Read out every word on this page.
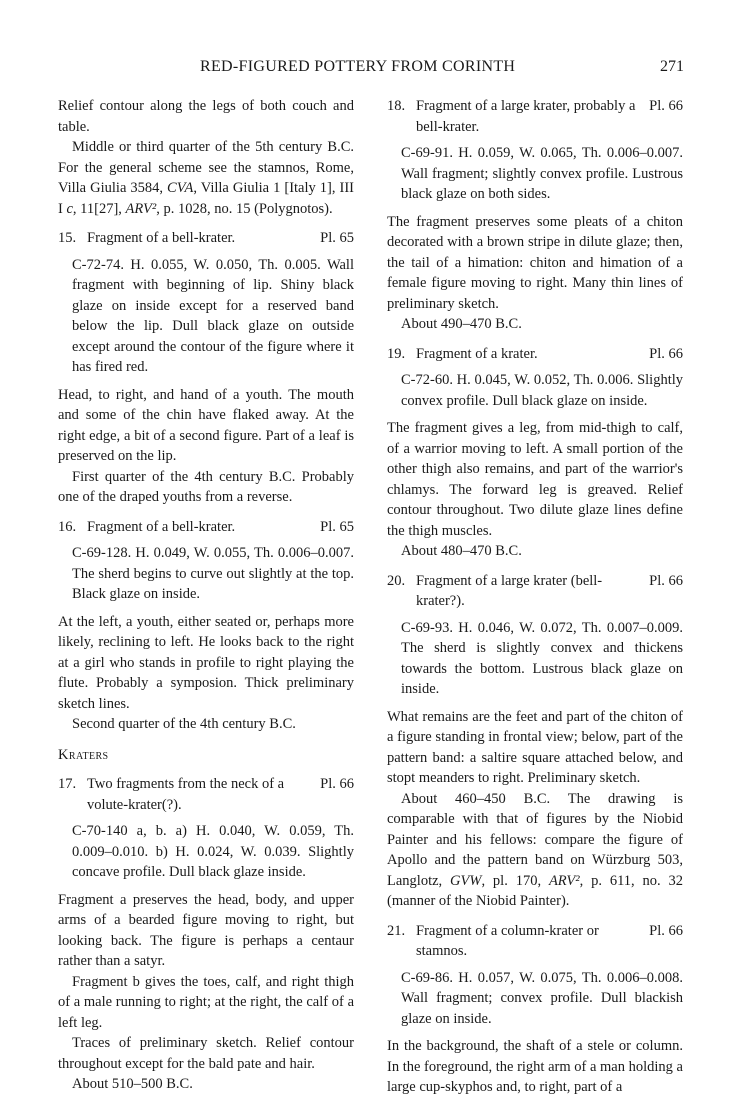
RED-FIGURED POTTERY FROM CORINTH	271

Relief contour along the legs of both couch and table.

Middle or third quarter of the 5th century B.C. For the general scheme see the stamnos, Rome, Villa Giulia 3584, CVA, Villa Giulia 1 [Italy 1], III I c, 11[27], ARV², p. 1028, no. 15 (Polygnotos).

15. Fragment of a bell-krater.	Pl. 65

C-72-74. H. 0.055, W. 0.050, Th. 0.005. Wall fragment with beginning of lip. Shiny black glaze on inside except for a reserved band below the lip. Dull black glaze on outside except around the contour of the figure where it has fired red.

Head, to right, and hand of a youth. The mouth and some of the chin have flaked away. At the right edge, a bit of a second figure. Part of a leaf is preserved on the lip.

First quarter of the 4th century B.C. Probably one of the draped youths from a reverse.

16. Fragment of a bell-krater.	Pl. 65

C-69-128. H. 0.049, W. 0.055, Th. 0.006–0.007. The sherd begins to curve out slightly at the top. Black glaze on inside.

At the left, a youth, either seated or, perhaps more likely, reclining to left. He looks back to the right at a girl who stands in profile to right playing the flute. Probably a symposion. Thick preliminary sketch lines.

Second quarter of the 4th century B.C.

Kraters

17. Two fragments from the neck of a volute-krater(?).
Pl. 66

C-70-140 a, b. a) H. 0.040, W. 0.059, Th. 0.009–0.010. b) H. 0.024, W. 0.039. Slightly concave profile. Dull black glaze inside.

Fragment a preserves the head, body, and upper arms of a bearded figure moving to right, but looking back. The figure is perhaps a centaur rather than a satyr.

Fragment b gives the toes, calf, and right thigh of a male running to right; at the right, the calf of a left leg.

Traces of preliminary sketch. Relief contour throughout except for the bald pate and hair.

About 510–500 B.C.

18. Fragment of a large krater, probably a bell-krater.
Pl. 66

C-69-91. H. 0.059, W. 0.065, Th. 0.006–0.007. Wall fragment; slightly convex profile. Lustrous black glaze on both sides.

The fragment preserves some pleats of a chiton decorated with a brown stripe in dilute glaze; then, the tail of a himation: chiton and himation of a female figure moving to right. Many thin lines of preliminary sketch.

About 490–470 B.C.

19. Fragment of a krater.	Pl. 66

C-72-60. H. 0.045, W. 0.052, Th. 0.006. Slightly convex profile. Dull black glaze on inside.

The fragment gives a leg, from mid-thigh to calf, of a warrior moving to left. A small portion of the other thigh also remains, and part of the warrior's chlamys. The forward leg is greaved. Relief contour throughout. Two dilute glaze lines define the thigh muscles.

About 480–470 B.C.

20. Fragment of a large krater (bell-krater?).
Pl. 66

C-69-93. H. 0.046, W. 0.072, Th. 0.007–0.009. The sherd is slightly convex and thickens towards the bottom. Lustrous black glaze on inside.

What remains are the feet and part of the chiton of a figure standing in frontal view; below, part of the pattern band: a saltire square attached below, and stopt meanders to right. Preliminary sketch.

About 460–450 B.C. The drawing is comparable with that of figures by the Niobid Painter and his fellows: compare the figure of Apollo and the pattern band on Würzburg 503, Langlotz, GVW, pl. 170, ARV², p. 611, no. 32 (manner of the Niobid Painter).

21. Fragment of a column-krater or stamnos.
Pl. 66

C-69-86. H. 0.057, W. 0.075, Th. 0.006–0.008. Wall fragment; convex profile. Dull blackish glaze on inside.

In the background, the shaft of a stele or column. In the foreground, the right arm of a man holding a large cup-skyphos and, to right, part of a
